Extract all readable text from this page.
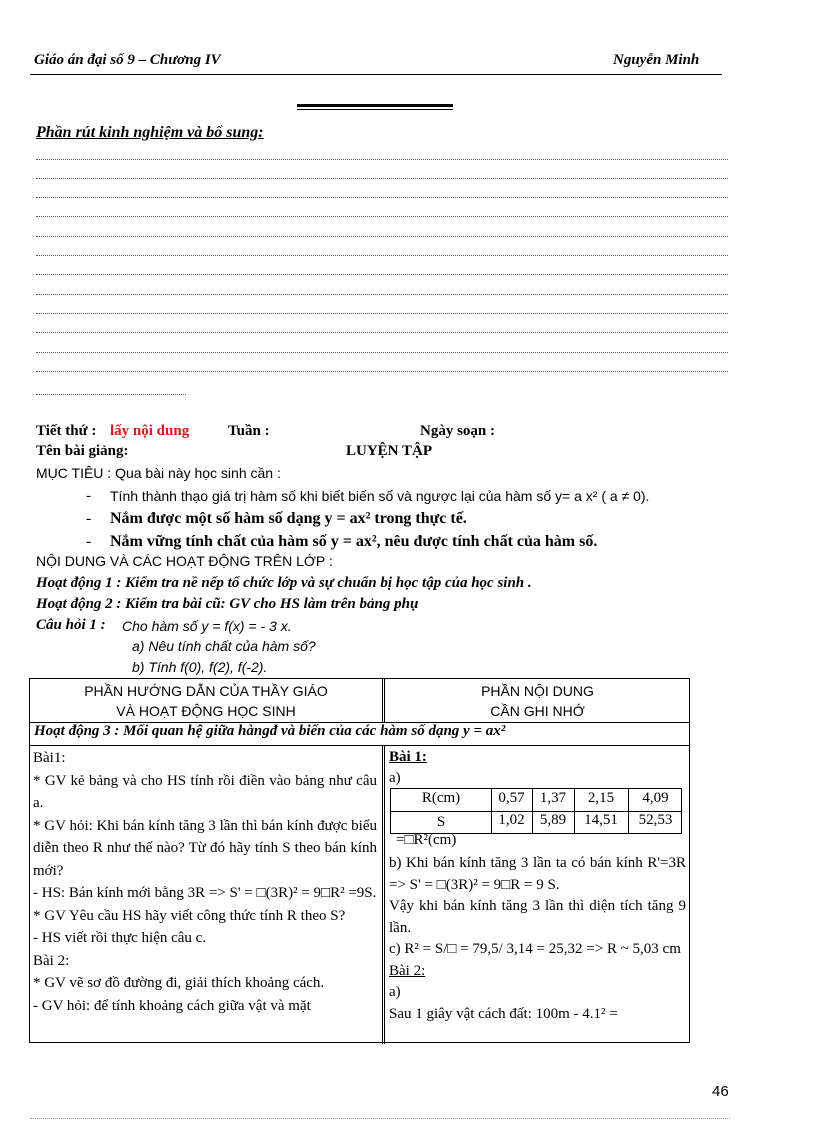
Giáo án đại số 9 – Chương IV	Nguyễn Minh
Phần rút kinh nghiệm và bổ sung:
Tiết thứ : lấy nội dung	Tuần :	Ngày soạn :
Tên bài giảng:	LUYỆN TẬP
MỤC TIÊU : Qua bài này học sinh cần :
- Tính thành thạo giá trị hàm số khi biết biến số và ngược lại của hàm số y= a x² ( a ≠ 0).
- Nắm được một số hàm số dạng y = ax² trong thực tế.
- Nắm vững tính chất của hàm số y = ax², nêu được tính chất của hàm số.
NỘI DUNG VÀ CÁC HOẠT ĐỘNG TRÊN LỚP :
Hoạt động 1 : Kiểm tra nề nếp tổ chức lớp và sự chuẩn bị học tập của học sinh .
Hoạt động 2 : Kiểm tra bài cũ: GV cho HS làm trên bảng phụ
Câu hỏi 1 : Cho hàm số y = f(x) = - 3 x.
a) Nêu tính chất của hàm số?
b) Tính f(0), f(2), f(-2).
PHẦN HƯỚNG DẪN CỦA THẦY GIÁO
VÀ HOẠT ĐỘNG HỌC SINH
PHẦN NỘI DUNG
CẦN GHI NHỚ
Hoạt động 3 : Mối quan hệ giữa hàngđ và biến của các hàm số dạng y = ax²
Bài1:
* GV kẻ bảng và cho HS tính rồi điền vào bảng như câu a.
* GV hỏi: Khi bán kính tăng 3 lần thì bán kính được biểu diễn theo R như thế nào? Từ đó hãy tính S theo bán kính mới?
- HS: Bán kính mới bằng 3R => S' = □(3R)² = 9□R² =9S.
* GV Yêu cầu HS hãy viết công thức tính R theo S?
- HS viết rồi thực hiện câu c.
Bài 2:
* GV vẽ sơ đồ đường đi, giải thích khoảng cách.
- GV hỏi: để tính khoảng cách giữa vật và mặt
Bài 1:
a)
R(cm)	0,57	1,37	2,15	4,09
S	1,02	5,89	14,51	52,53
=□R²(cm)
b) Khi bán kính tăng 3 lần ta có bán kính R'=3R => S' = □(3R)² = 9□R = 9 S.
Vậy khi bán kính tăng 3 lần thì diện tích tăng 9 lần.
c) R² = S/□ = 79,5/ 3,14 = 25,32 => R ~ 5,03 cm
Bài 2:
a)
Sau 1 giây vật cách đất: 100m - 4.1² =
46
